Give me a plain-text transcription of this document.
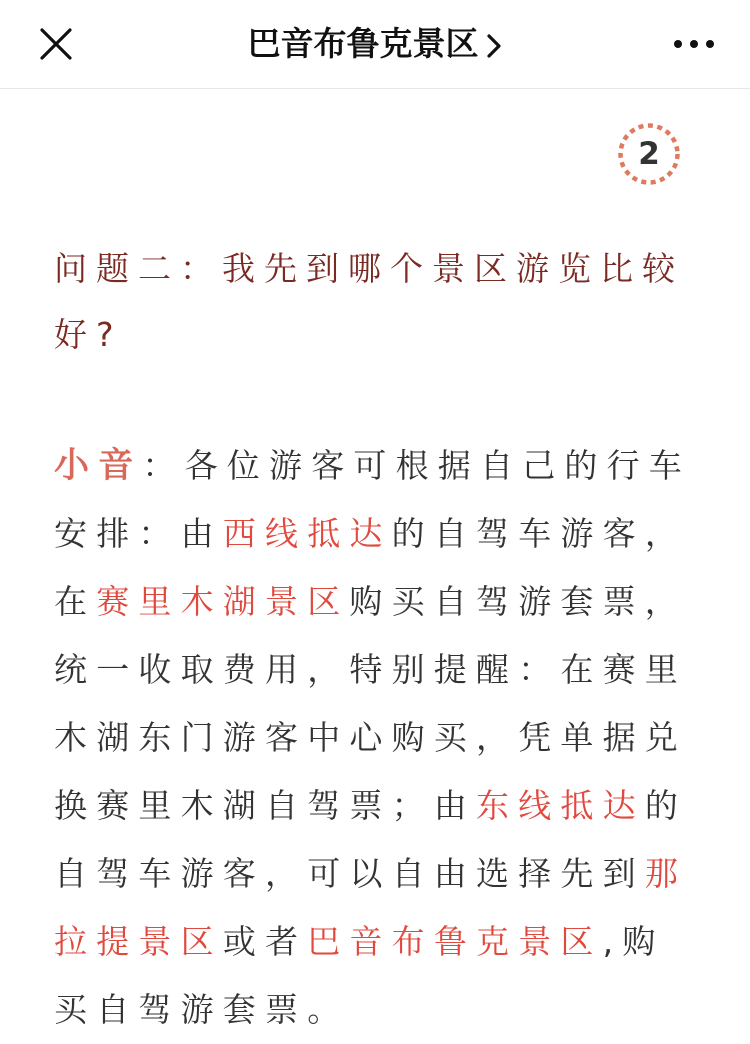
巴音布鲁克景区
2

问题二：我先到哪个景区游览比较好?

小音：各位游客可根据自己的行车安排：由西线抵达的自驾车游客，在赛里木湖景区购买自驾游套票，统一收取费用，特别提醒：在赛里木湖东门游客中心购买，凭单据兑换赛里木湖自驾票；由东线抵达的自驾车游客，可以自由选择先到那拉提景区或者巴音布鲁克景区,购买自驾游套票。
